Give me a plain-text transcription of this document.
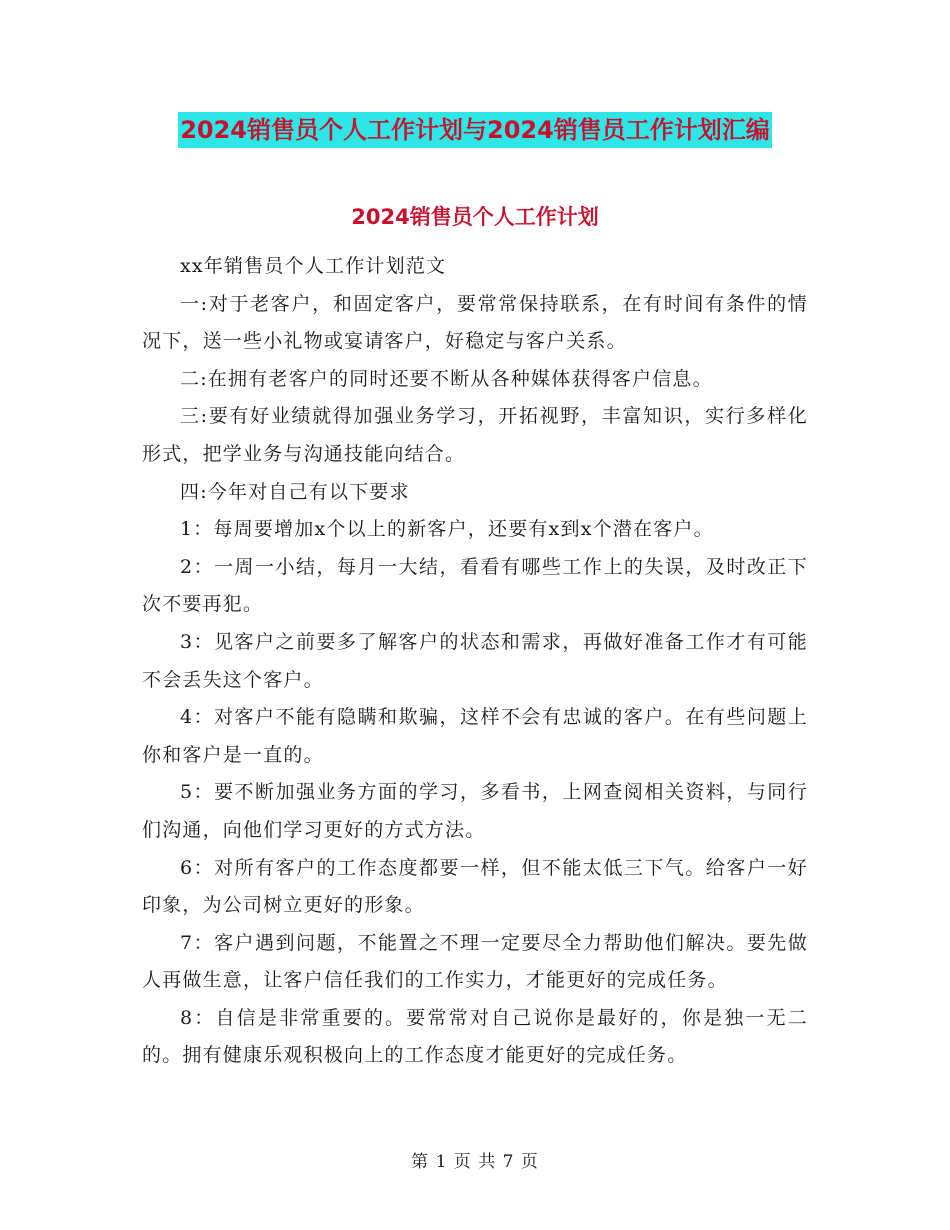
2024销售员个人工作计划与2024销售员工作计划汇编
2024销售员个人工作计划

xx年销售员个人工作计划范文

一:对于老客户，和固定客户，要常常保持联系，在有时间有条件的情况下，送一些小礼物或宴请客户，好稳定与客户关系。

二:在拥有老客户的同时还要不断从各种媒体获得客户信息。

三:要有好业绩就得加强业务学习，开拓视野，丰富知识，实行多样化形式，把学业务与沟通技能向结合。

四:今年对自己有以下要求

1：每周要增加x个以上的新客户，还要有x到x个潜在客户。

2：一周一小结，每月一大结，看看有哪些工作上的失误，及时改正下次不要再犯。

3：见客户之前要多了解客户的状态和需求，再做好准备工作才有可能不会丢失这个客户。

4：对客户不能有隐瞒和欺骗，这样不会有忠诚的客户。在有些问题上你和客户是一直的。

5：要不断加强业务方面的学习，多看书，上网查阅相关资料，与同行们沟通，向他们学习更好的方式方法。

6：对所有客户的工作态度都要一样，但不能太低三下气。给客户一好印象，为公司树立更好的形象。

7：客户遇到问题，不能置之不理一定要尽全力帮助他们解决。要先做人再做生意，让客户信任我们的工作实力，才能更好的完成任务。

8：自信是非常重要的。要常常对自己说你是最好的，你是独一无二的。拥有健康乐观积极向上的工作态度才能更好的完成任务。

第 1 页 共 7 页
